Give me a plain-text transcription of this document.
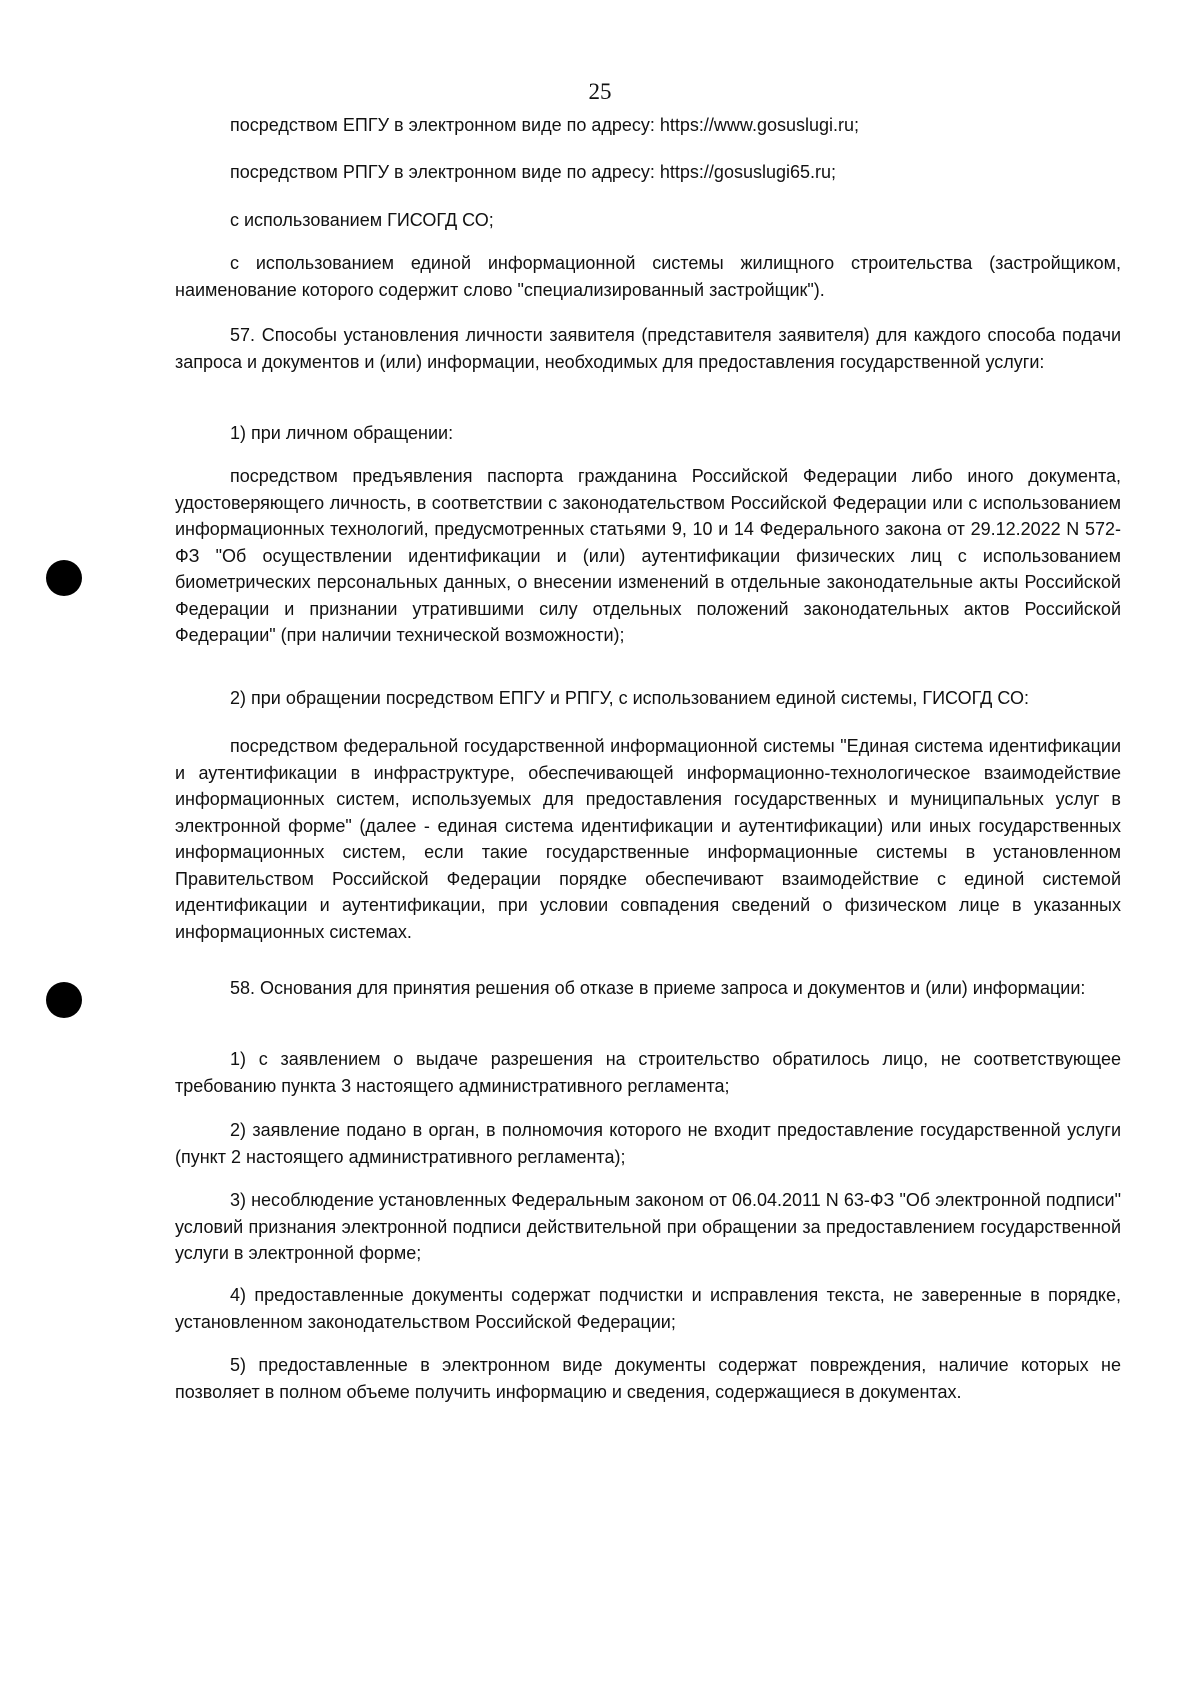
25

посредством ЕПГУ в электронном виде по адресу: https://www.gosuslugi.ru;

посредством РПГУ в электронном виде по адресу: https://gosuslugi65.ru;

с использованием ГИСОГД СО;

с использованием единой информационной системы жилищного строительства (застройщиком, наименование которого содержит слово "специализированный застройщик").

57. Способы установления личности заявителя (представителя заявителя) для каждого способа подачи запроса и документов и (или) информации, необходимых для предоставления государственной услуги:

1) при личном обращении:

посредством предъявления паспорта гражданина Российской Федерации либо иного документа, удостоверяющего личность, в соответствии с законодательством Российской Федерации или с использованием информационных технологий, предусмотренных статьями 9, 10 и 14 Федерального закона от 29.12.2022 N 572-ФЗ "Об осуществлении идентификации и (или) аутентификации физических лиц с использованием биометрических персональных данных, о внесении изменений в отдельные законодательные акты Российской Федерации и признании утратившими силу отдельных положений законодательных актов Российской Федерации" (при наличии технической возможности);

2) при обращении посредством ЕПГУ и РПГУ, с использованием единой системы, ГИСОГД СО:

посредством федеральной государственной информационной системы "Единая система идентификации и аутентификации в инфраструктуре, обеспечивающей информационно-технологическое взаимодействие информационных систем, используемых для предоставления государственных и муниципальных услуг в электронной форме" (далее - единая система идентификации и аутентификации) или иных государственных информационных систем, если такие государственные информационные системы в установленном Правительством Российской Федерации порядке обеспечивают взаимодействие с единой системой идентификации и аутентификации, при условии совпадения сведений о физическом лице в указанных информационных системах.

58. Основания для принятия решения об отказе в приеме запроса и документов и (или) информации:

1) с заявлением о выдаче разрешения на строительство обратилось лицо, не соответствующее требованию пункта 3 настоящего административного регламента;

2) заявление подано в орган, в полномочия которого не входит предоставление государственной услуги (пункт 2 настоящего административного регламента);

3) несоблюдение установленных Федеральным законом от 06.04.2011 N 63-ФЗ "Об электронной подписи" условий признания электронной подписи действительной при обращении за предоставлением государственной услуги в электронной форме;

4) предоставленные документы содержат подчистки и исправления текста, не заверенные в порядке, установленном законодательством Российской Федерации;

5) предоставленные в электронном виде документы содержат повреждения, наличие которых не позволяет в полном объеме получить информацию и сведения, содержащиеся в документах.
